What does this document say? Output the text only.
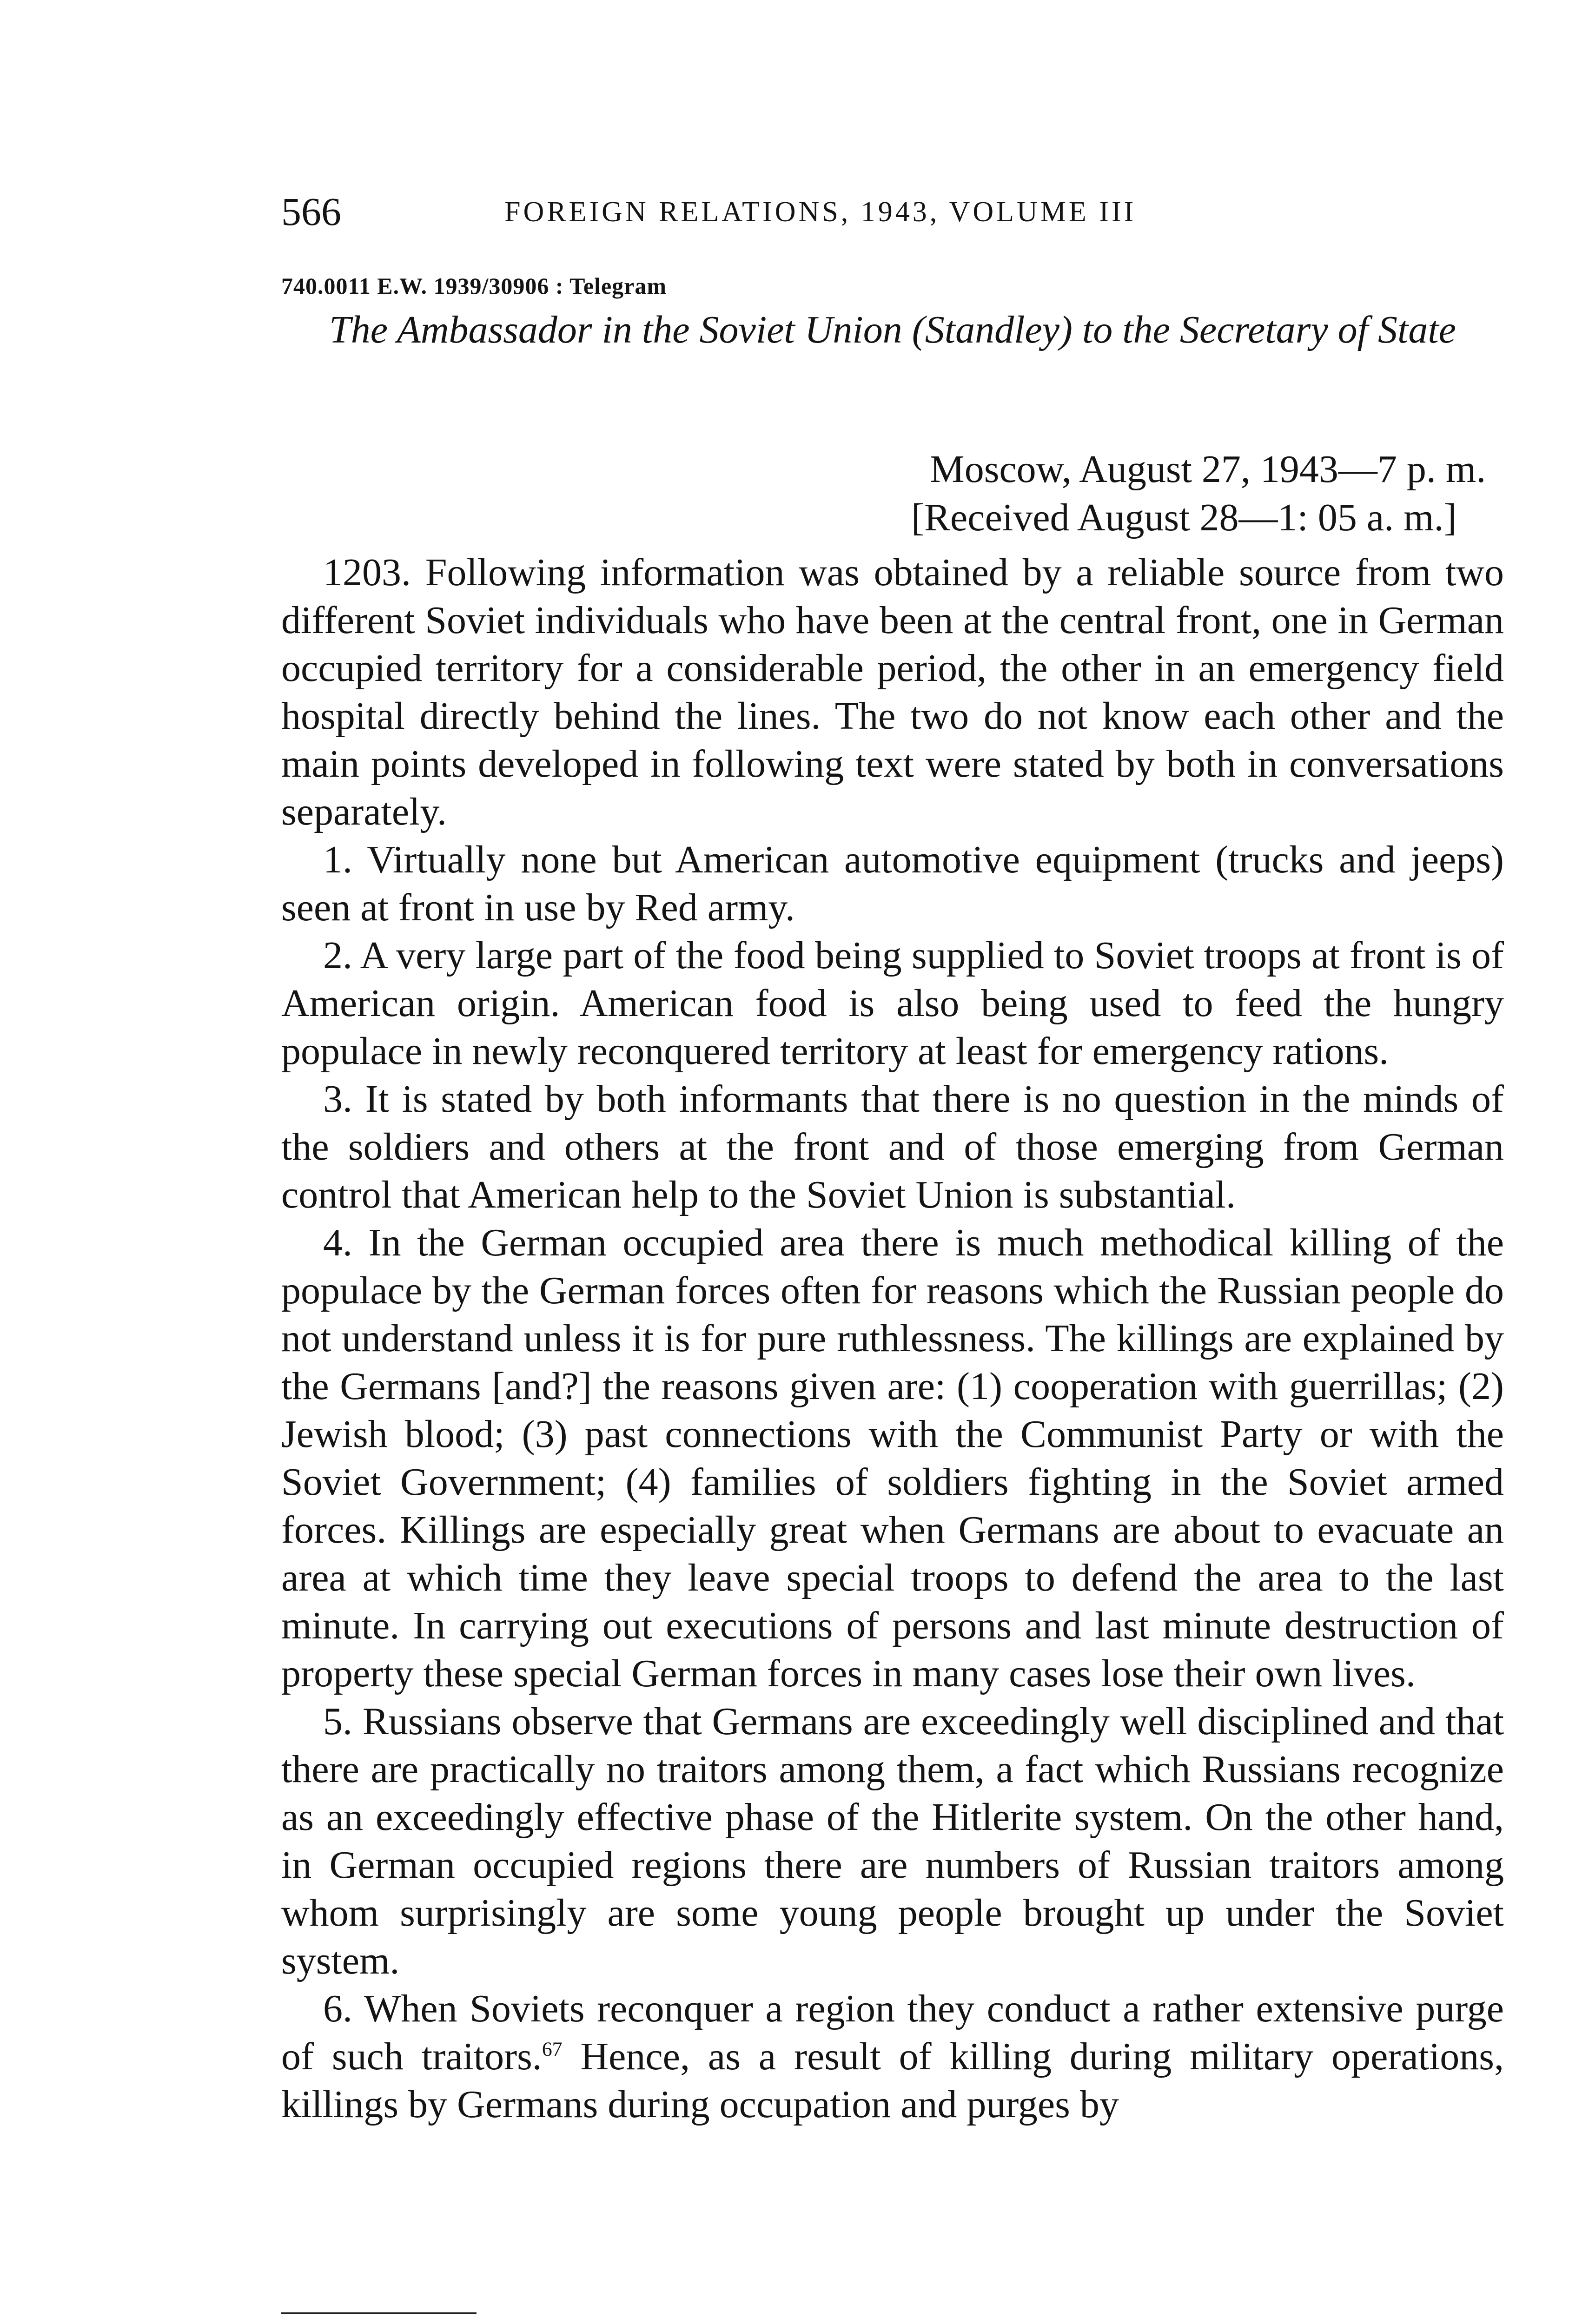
566	FOREIGN RELATIONS, 1943, VOLUME III
740.0011 E.W. 1939/30906 : Telegram
The Ambassador in the Soviet Union (Standley) to the Secretary of State
Moscow, August 27, 1943—7 p. m.
[Received August 28—1: 05 a. m.]

1203. Following information was obtained by a reliable source from two different Soviet individuals who have been at the central front, one in German occupied territory for a considerable period, the other in an emergency field hospital directly behind the lines. The two do not know each other and the main points developed in following text were stated by both in conversations separately.

1. Virtually none but American automotive equipment (trucks and jeeps) seen at front in use by Red army.

2. A very large part of the food being supplied to Soviet troops at front is of American origin. American food is also being used to feed the hungry populace in newly reconquered territory at least for emergency rations.

3. It is stated by both informants that there is no question in the minds of the soldiers and others at the front and of those emerging from German control that American help to the Soviet Union is substantial.

4. In the German occupied area there is much methodical killing of the populace by the German forces often for reasons which the Russian people do not understand unless it is for pure ruthlessness. The killings are explained by the Germans [and?] the reasons given are: (1) cooperation with guerrillas; (2) Jewish blood; (3) past connections with the Communist Party or with the Soviet Government; (4) families of soldiers fighting in the Soviet armed forces. Killings are especially great when Germans are about to evacuate an area at which time they leave special troops to defend the area to the last minute. In carrying out executions of persons and last minute destruction of property these special German forces in many cases lose their own lives.

5. Russians observe that Germans are exceedingly well disciplined and that there are practically no traitors among them, a fact which Russians recognize as an exceedingly effective phase of the Hitlerite system. On the other hand, in German occupied regions there are numbers of Russian traitors among whom surprisingly are some young people brought up under the Soviet system.

6. When Soviets reconquer a region they conduct a rather extensive purge of such traitors.$^{67}$ Hence, as a result of killing during military operations, killings by Germans during occupation and purges by
